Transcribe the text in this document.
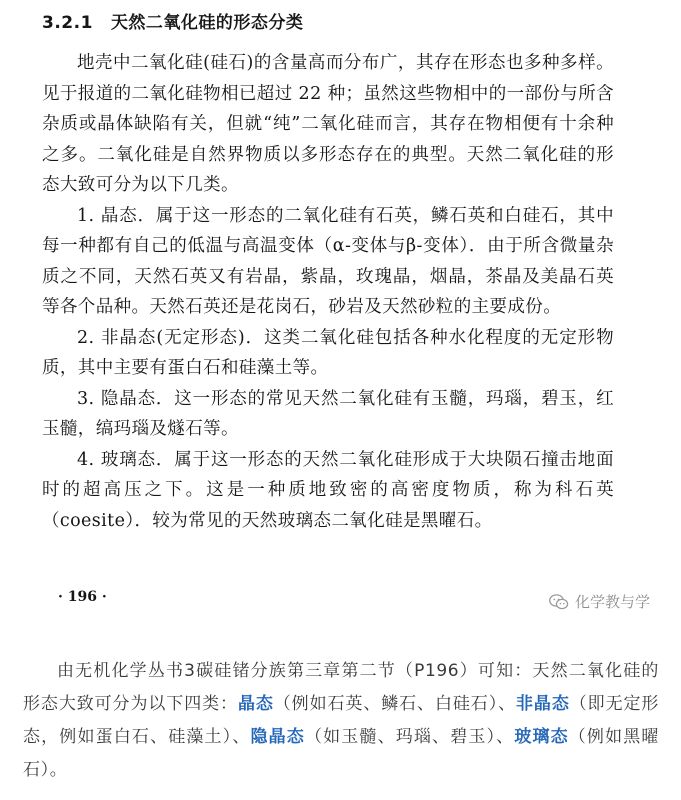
3.2.1 天然二氧化硅的形态分类

地壳中二氧化硅(硅石)的含量高而分布广，其存在形态也多种多样。见于报道的二氧化硅物相已超过 22 种；虽然这些物相中的一部份与所含杂质或晶体缺陷有关，但就“纯”二氧化硅而言，其存在物相便有十余种之多。二氧化硅是自然界物质以多形态存在的典型。天然二氧化硅的形态大致可分为以下几类。

1. 晶态．属于这一形态的二氧化硅有石英，鳞石英和白硅石，其中每一种都有自己的低温与高温变体（α-变体与β-变体）．由于所含微量杂质之不同，天然石英又有岩晶，紫晶，玫瑰晶，烟晶，茶晶及美晶石英等各个品种。天然石英还是花岗石，砂岩及天然砂粒的主要成份。

2. 非晶态(无定形态)．这类二氧化硅包括各种水化程度的无定形物质，其中主要有蛋白石和硅藻土等。

3. 隐晶态．这一形态的常见天然二氧化硅有玉髓，玛瑙，碧玉，红玉髓，缟玛瑙及燧石等。

4. 玻璃态．属于这一形态的天然二氧化硅形成于大块陨石撞击地面时的超高压之下。这是一种质地致密的高密度物质，称为科石英（coesite）．较为常见的天然玻璃态二氧化硅是黑曜石。

· 196 ·	化学教与学
由无机化学丛书3碳硅锗分族第三章第二节（P196）可知：天然二氧化硅的形态大致可分为以下四类：晶态（例如石英、鳞石、白硅石）、非晶态（即无定形态，例如蛋白石、硅藻土）、隐晶态（如玉髓、玛瑙、碧玉）、玻璃态（例如黑曜石）。
